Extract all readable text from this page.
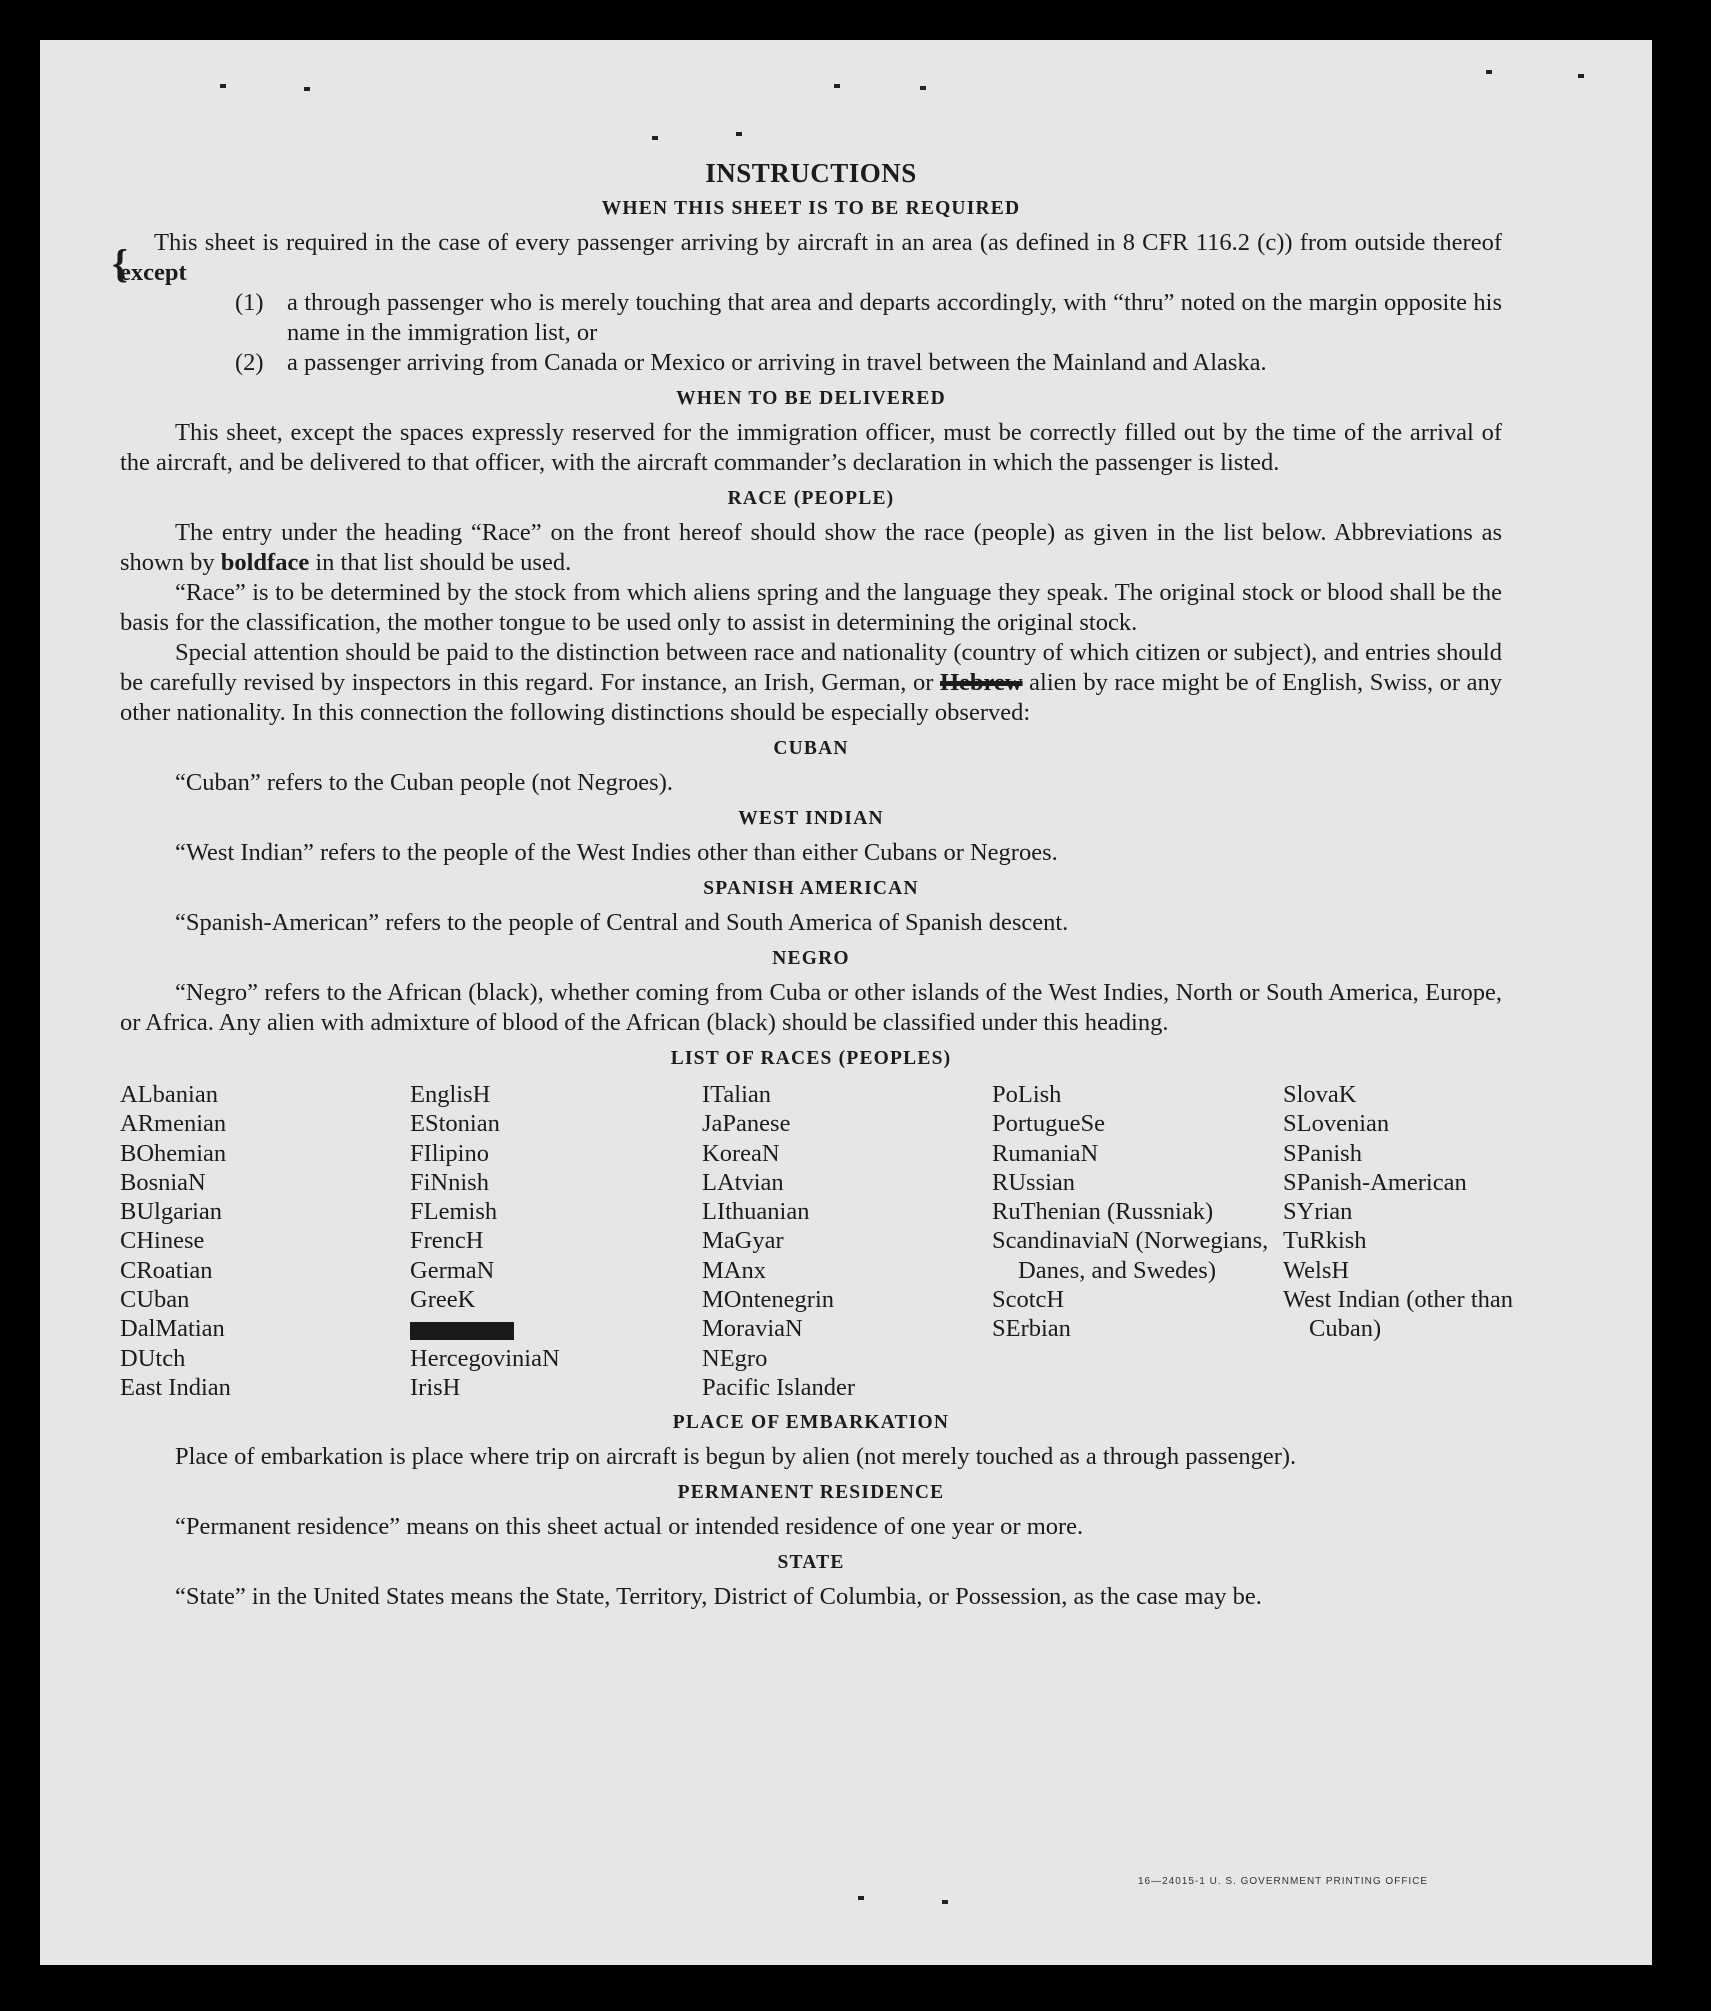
{
INSTRUCTIONS
WHEN THIS SHEET IS TO BE REQUIRED

This sheet is required in the case of every passenger arriving by aircraft in an area (as defined in 8 CFR 116.2 (c)) from outside thereof except

(1) a through passenger who is merely touching that area and departs accordingly, with “thru” noted on the margin opposite his name in the immigration list, or
(2) a passenger arriving from Canada or Mexico or arriving in travel between the Mainland and Alaska.
WHEN TO BE DELIVERED

This sheet, except the spaces expressly reserved for the immigration officer, must be correctly filled out by the time of the arrival of the aircraft, and be delivered to that officer, with the aircraft commander’s declaration in which the passenger is listed.

RACE (PEOPLE)

The entry under the heading “Race” on the front hereof should show the race (people) as given in the list below. Abbreviations as shown by boldface in that list should be used.

“Race” is to be determined by the stock from which aliens spring and the language they speak. The original stock or blood shall be the basis for the classification, the mother tongue to be used only to assist in determining the original stock.

Special attention should be paid to the distinction between race and nationality (country of which citizen or subject), and entries should be carefully revised by inspectors in this regard. For instance, an Irish, German, or Hebrew alien by race might be of English, Swiss, or any other nationality. In this connection the following distinctions should be especially observed:

CUBAN

“Cuban” refers to the Cuban people (not Negroes).

WEST INDIAN

“West Indian” refers to the people of the West Indies other than either Cubans or Negroes.

SPANISH AMERICAN

“Spanish-American” refers to the people of Central and South America of Spanish descent.

NEGRO

“Negro” refers to the African (black), whether coming from Cuba or other islands of the West Indies, North or South America, Europe, or Africa. Any alien with admixture of blood of the African (black) should be classified under this heading.

LIST OF RACES (PEOPLES)
ALbanian
ARmenian
BOhemian
BosniaN
BUlgarian
CHinese
CRoatian
CUban
DalMatian
DUtch
East Indian
EnglisH
EStonian
FIlipino
FiNnish
FLemish
FrencH
GermaN
GreeK
HercegoviniaN
IrisH
ITalian
JaPanese
KoreaN
LAtvian
LIthuanian
MaGyar
MAnx
MOntenegrin
MoraviaN
NEgro
Pacific Islander
PoLish
PortugueSe
RumaniaN
RUssian
RuThenian (Russniak)
ScandinaviaN (Norwegians, Danes, and Swedes)
ScotcH
SErbian
SlovaK
SLovenian
SPanish
SPanish-American
SYrian
TuRkish
WelsH
West Indian (other than Cuban)
PLACE OF EMBARKATION

Place of embarkation is place where trip on aircraft is begun by alien (not merely touched as a through passenger).

PERMANENT RESIDENCE

“Permanent residence” means on this sheet actual or intended residence of one year or more.

STATE

“State” in the United States means the State, Territory, District of Columbia, or Possession, as the case may be.

16—24015-1 U. S. GOVERNMENT PRINTING OFFICE
